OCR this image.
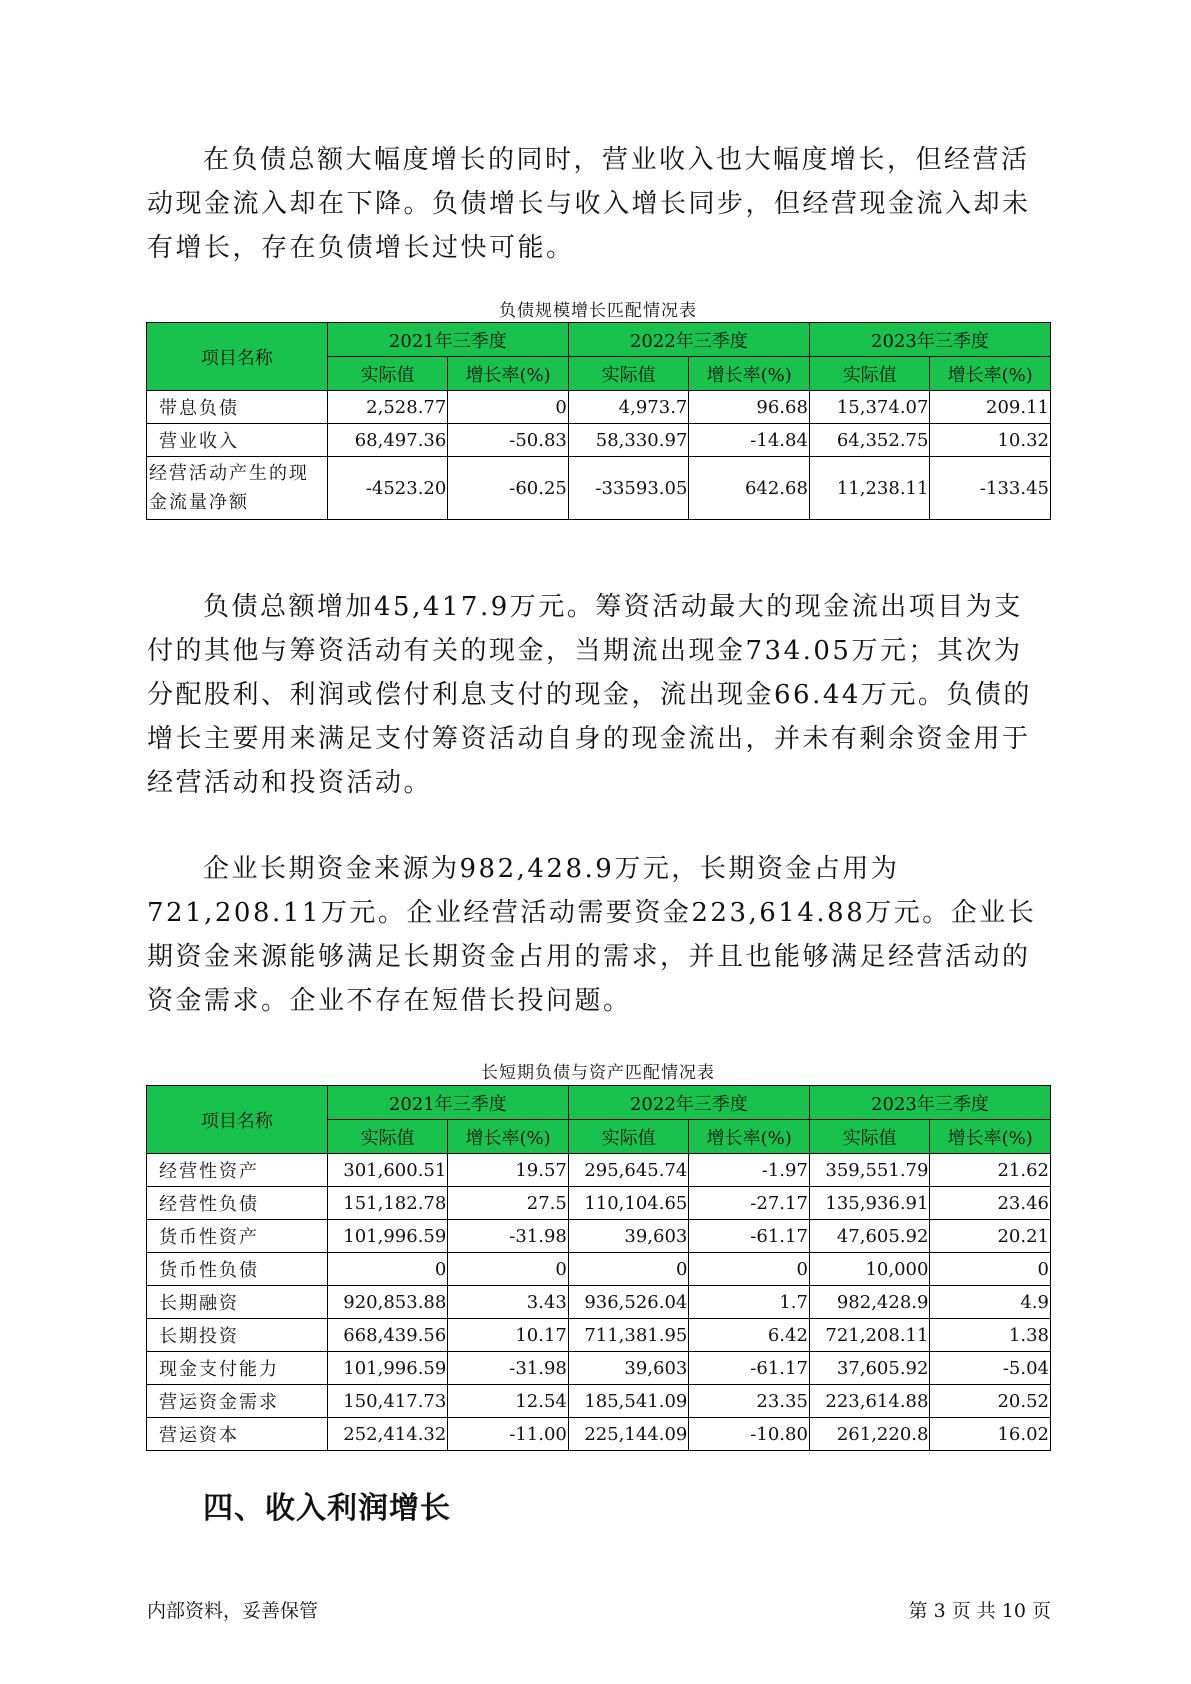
在负债总额大幅度增长的同时，营业收入也大幅度增长，但经营活动现金流入却在下降。负债增长与收入增长同步，但经营现金流入却未有增长，存在负债增长过快可能。

负债规模增长匹配情况表

项目名称	2021年三季度		2022年三季度		2023年三季度	
	实际值	增长率(%)	实际值	增长率(%)	实际值	增长率(%)
带息负债	2,528.77	0	4,973.7	96.68	15,374.07	209.11
营业收入	68,497.36	-50.83	58,330.97	-14.84	64,352.75	10.32
经营活动产生的现金流量净额	-4523.20	-60.25	-33593.05	642.68	11,238.11	-133.45

负债总额增加45,417.9万元。筹资活动最大的现金流出项目为支付的其他与筹资活动有关的现金，当期流出现金734.05万元；其次为分配股利、利润或偿付利息支付的现金，流出现金66.44万元。负债的增长主要用来满足支付筹资活动自身的现金流出，并未有剩余资金用于经营活动和投资活动。

企业长期资金来源为982,428.9万元，长期资金占用为721,208.11万元。企业经营活动需要资金223,614.88万元。企业长期资金来源能够满足长期资金占用的需求，并且也能够满足经营活动的资金需求。企业不存在短借长投问题。

长短期负债与资产匹配情况表

项目名称	2021年三季度		2022年三季度		2023年三季度	
	实际值	增长率(%)	实际值	增长率(%)	实际值	增长率(%)
经营性资产	301,600.51	19.57	295,645.74	-1.97	359,551.79	21.62
经营性负债	151,182.78	27.5	110,104.65	-27.17	135,936.91	23.46
货币性资产	101,996.59	-31.98	39,603	-61.17	47,605.92	20.21
货币性负债	0	0	0	0	10,000	0
长期融资	920,853.88	3.43	936,526.04	1.7	982,428.9	4.9
长期投资	668,439.56	10.17	711,381.95	6.42	721,208.11	1.38
现金支付能力	101,996.59	-31.98	39,603	-61.17	37,605.92	-5.04
营运资金需求	150,417.73	12.54	185,541.09	23.35	223,614.88	20.52
营运资本	252,414.32	-11.00	225,144.09	-10.80	261,220.8	16.02
四、收入利润增长
内部资料，妥善保管	第 3 页 共 10 页
